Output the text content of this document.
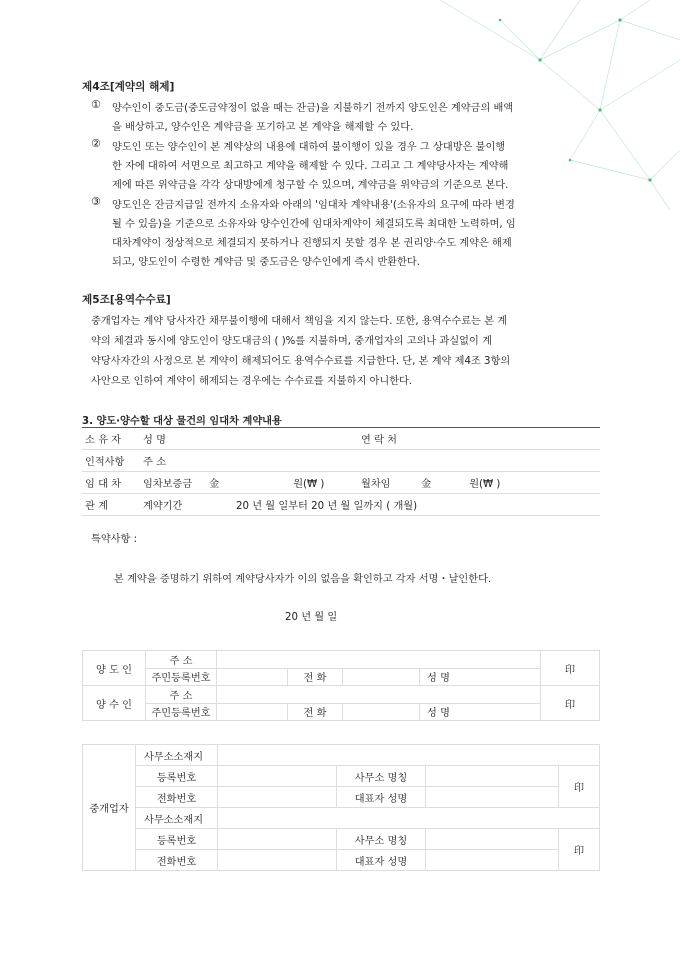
제4조[계약의 해제]
① 양수인이 중도금(중도금약정이 없을 때는 잔금)을 지불하기 전까지 양도인은 계약금의 배액
을 배상하고, 양수인은 계약금을 포기하고 본 계약을 해제할 수 있다.
② 양도인 또는 양수인이 본 계약상의 내용에 대하여 불이행이 있을 경우 그 상대방은 불이행
한 자에 대하여 서면으로 최고하고 계약을 해제할 수 있다. 그리고 그 계약당사자는 계약해
제에 따른 위약금을 각각 상대방에게 청구할 수 있으며, 계약금을 위약금의 기준으로 본다.
③ 양도인은 잔금지급일 전까지 소유자와 아래의 '임대차 계약내용'(소유자의 요구에 따라 변경
될 수 있음)을 기준으로 소유자와 양수인간에 임대차계약이 체결되도록 최대한 노력하며, 임
대차계약이 정상적으로 체결되지 못하거나 진행되지 못할 경우 본 권리양·수도 계약은 해제
되고, 양도인이 수령한 계약금 및 중도금은 양수인에게 즉시 반환한다.
제5조[용역수수료]
중개업자는 계약 당사자간 채무불이행에 대해서 책임을 지지 않는다. 또한, 용역수수료는 본 계
약의 체결과 동시에 양도인이 양도대금의 ( )%를 지불하며, 중개업자의 고의나 과실없이 계
약당사자간의 사정으로 본 계약이 해제되어도 용역수수료를 지급한다. 단, 본 계약 제4조 3항의
사안으로 인하여 계약이 해제되는 경우에는 수수료를 지불하지 아니한다.
3. 양도·양수할 대상 물건의 임대차 계약내용
소 유 자	성 명		연 락 처	
인적사항	주 소			
임 대 차	임차보증금	金 원(₩ )	월차임	金 원(₩ )
관 계	계약기간	20 년 월 일부터 20 년 월 일까지 ( 개월)		
특약사항 :
본 계약을 증명하기 위하여 계약당사자가 이의 없음을 확인하고 각자 서명・날인한다.
20 년 월 일
양 도 인	주 소					印
	주민등록번호		전 화		성 명	
양 수 인	주 소					印
	주민등록번호		전 화		성 명	
중개업자	사무소소재지				
	등록번호		사무소 명칭		印
	전화번호		대표자 성명		
	사무소소재지				
	등록번호		사무소 명칭		印
	전화번호		대표자 성명		
